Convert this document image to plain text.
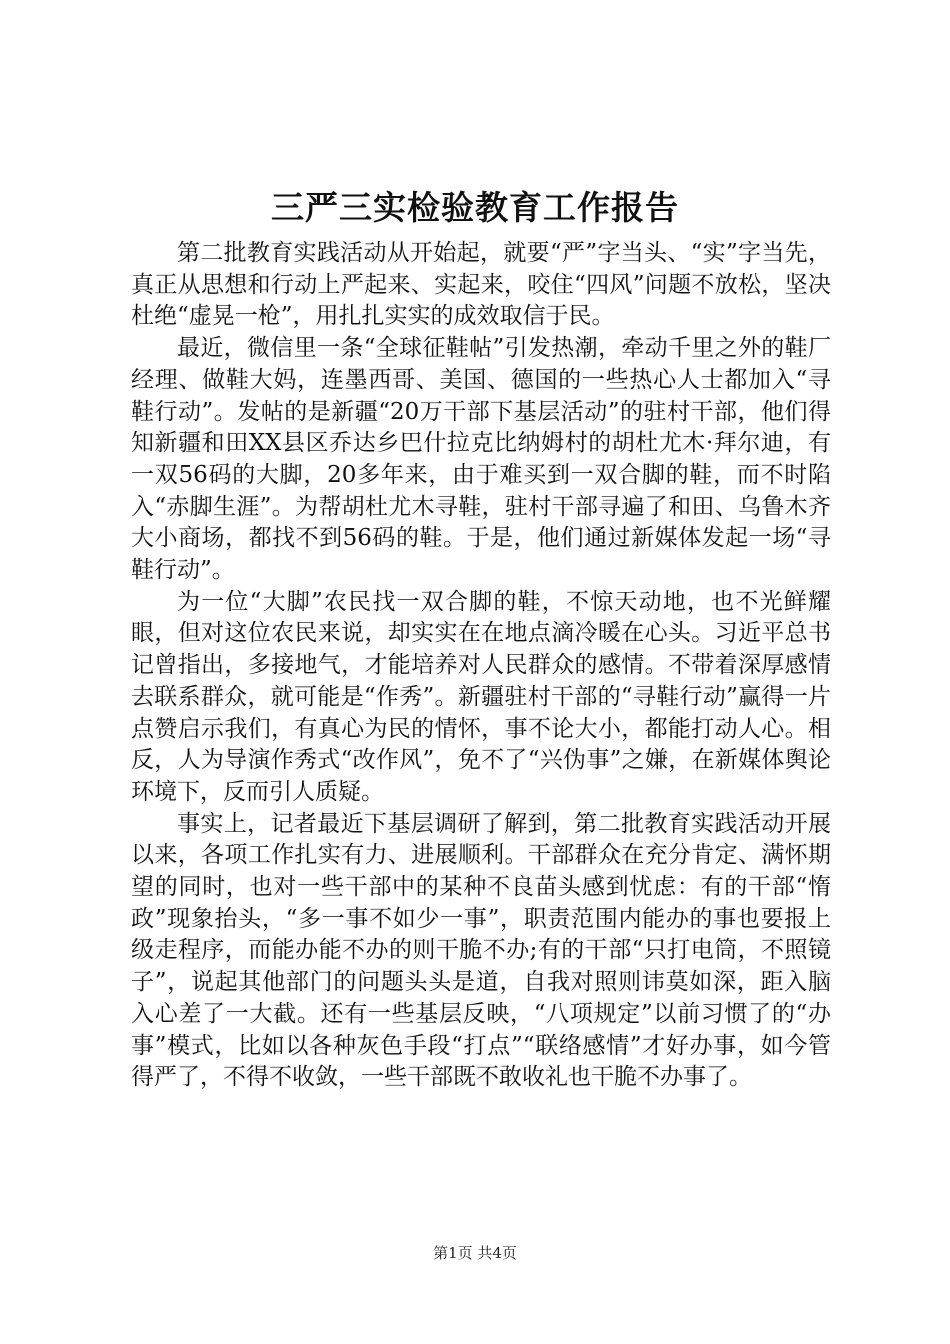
三严三实检验教育工作报告

第二批教育实践活动从开始起，就要“严”字当头、“实”字当先，真正从思想和行动上严起来、实起来，咬住“四风”问题不放松，坚决杜绝“虚晃一枪”，用扎扎实实的成效取信于民。

最近，微信里一条“全球征鞋帖”引发热潮，牵动千里之外的鞋厂经理、做鞋大妈，连墨西哥、美国、德国的一些热心人士都加入“寻鞋行动”。发帖的是新疆“20万干部下基层活动”的驻村干部，他们得知新疆和田XX县区乔达乡巴什拉克比纳姆村的胡杜尤木·拜尔迪，有一双56码的大脚，20多年来，由于难买到一双合脚的鞋，而不时陷入“赤脚生涯”。为帮胡杜尤木寻鞋，驻村干部寻遍了和田、乌鲁木齐大小商场，都找不到56码的鞋。于是，他们通过新媒体发起一场“寻鞋行动”。

为一位“大脚”农民找一双合脚的鞋，不惊天动地，也不光鲜耀眼，但对这位农民来说，却实实在在地点滴冷暖在心头。习近平总书记曾指出，多接地气，才能培养对人民群众的感情。不带着深厚感情去联系群众，就可能是“作秀”。新疆驻村干部的“寻鞋行动”赢得一片点赞启示我们，有真心为民的情怀，事不论大小，都能打动人心。相反，人为导演作秀式“改作风”，免不了“兴伪事”之嫌，在新媒体舆论环境下，反而引人质疑。

事实上，记者最近下基层调研了解到，第二批教育实践活动开展以来，各项工作扎实有力、进展顺利。干部群众在充分肯定、满怀期望的同时，也对一些干部中的某种不良苗头感到忧虑：有的干部“惰政”现象抬头，“多一事不如少一事”，职责范围内能办的事也要报上级走程序，而能办能不办的则干脆不办;有的干部“只打电筒，不照镜子”，说起其他部门的问题头头是道，自我对照则讳莫如深，距入脑入心差了一大截。还有一些基层反映，“八项规定”以前习惯了的“办事”模式，比如以各种灰色手段“打点”“联络感情”才好办事，如今管得严了，不得不收敛，一些干部既不敢收礼也干脆不办事了。

第1页 共4页
